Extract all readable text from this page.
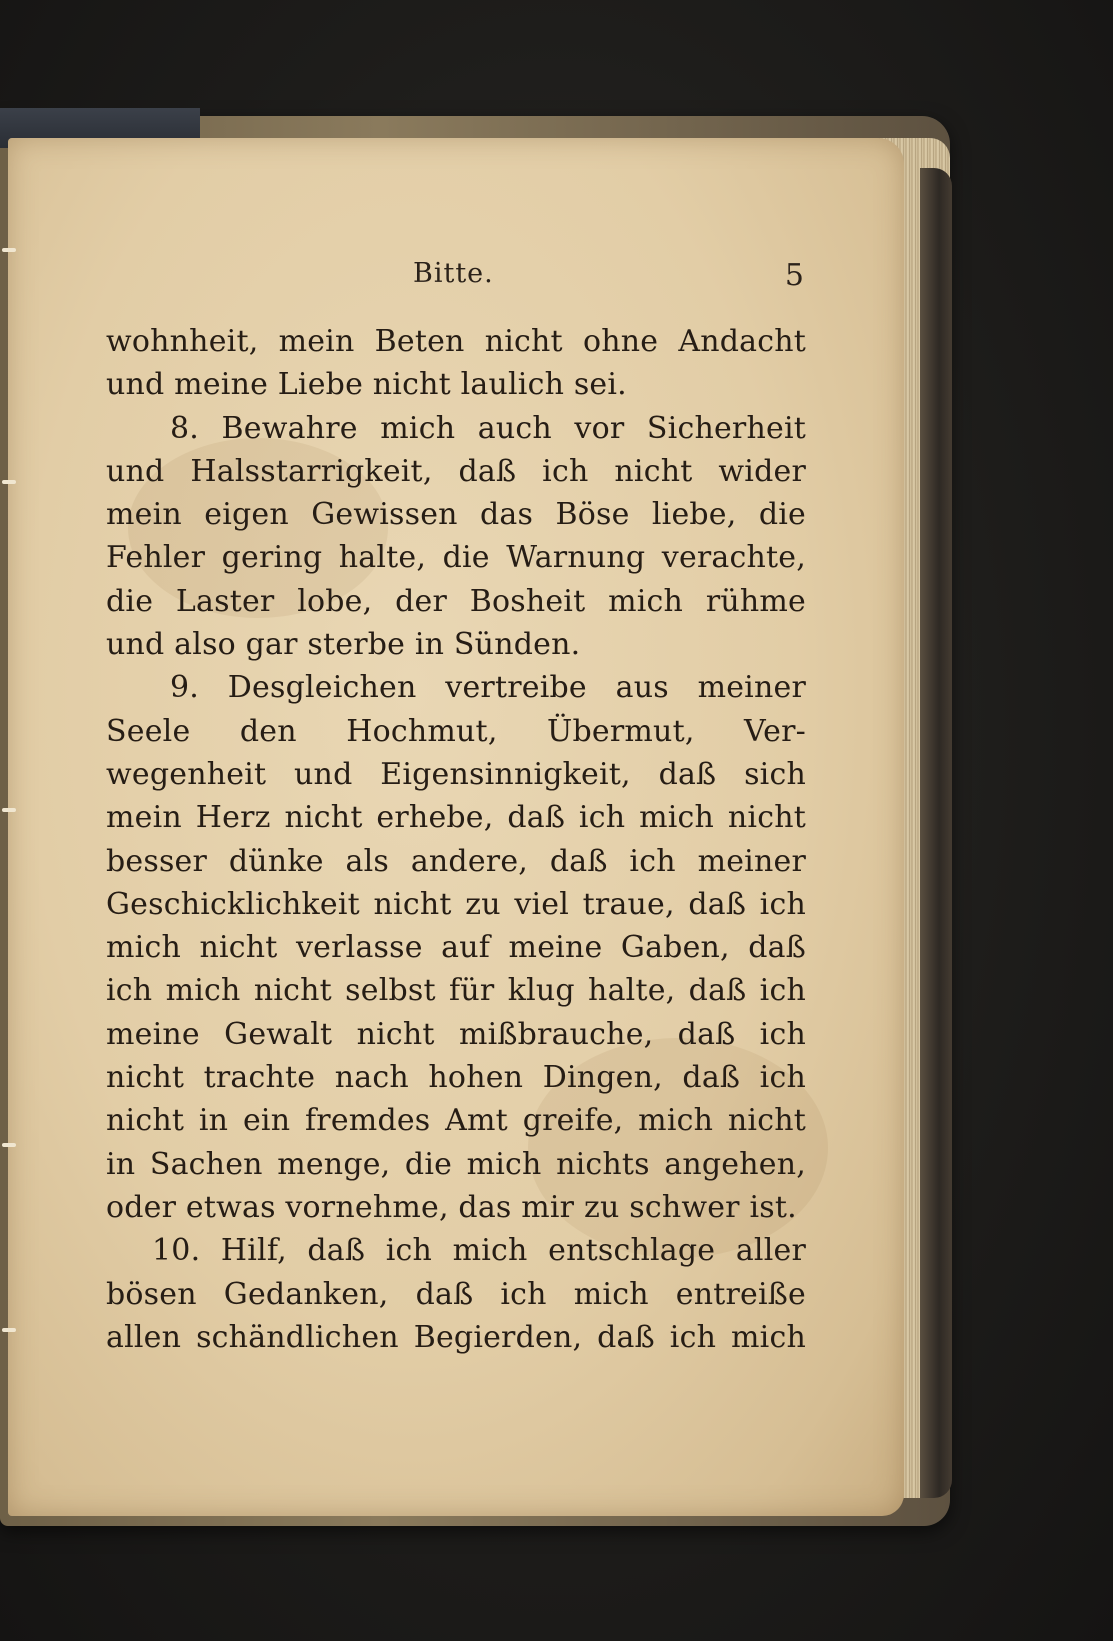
Bitte.	5
wohnheit, mein Beten nicht ohne Andacht
und meine Liebe nicht laulich sei.
8. Bewahre mich auch vor Sicherheit
und Halsstarrigkeit, daß ich nicht wider
mein eigen Gewissen das Böse liebe, die
Fehler gering halte, die Warnung verachte,
die Laster lobe, der Bosheit mich rühme
und also gar sterbe in Sünden.
9. Desgleichen vertreibe aus meiner
Seele den Hochmut, Übermut, Ver-
wegenheit und Eigensinnigkeit, daß sich
mein Herz nicht erhebe, daß ich mich nicht
besser dünke als andere, daß ich meiner
Geschicklichkeit nicht zu viel traue, daß ich
mich nicht verlasse auf meine Gaben, daß
ich mich nicht selbst für klug halte, daß ich
meine Gewalt nicht mißbrauche, daß ich
nicht trachte nach hohen Dingen, daß ich
nicht in ein fremdes Amt greife, mich nicht
in Sachen menge, die mich nichts angehen,
oder etwas vornehme, das mir zu schwer ist.
10. Hilf, daß ich mich entschlage aller
bösen Gedanken, daß ich mich entreiße
allen schändlichen Begierden, daß ich mich
